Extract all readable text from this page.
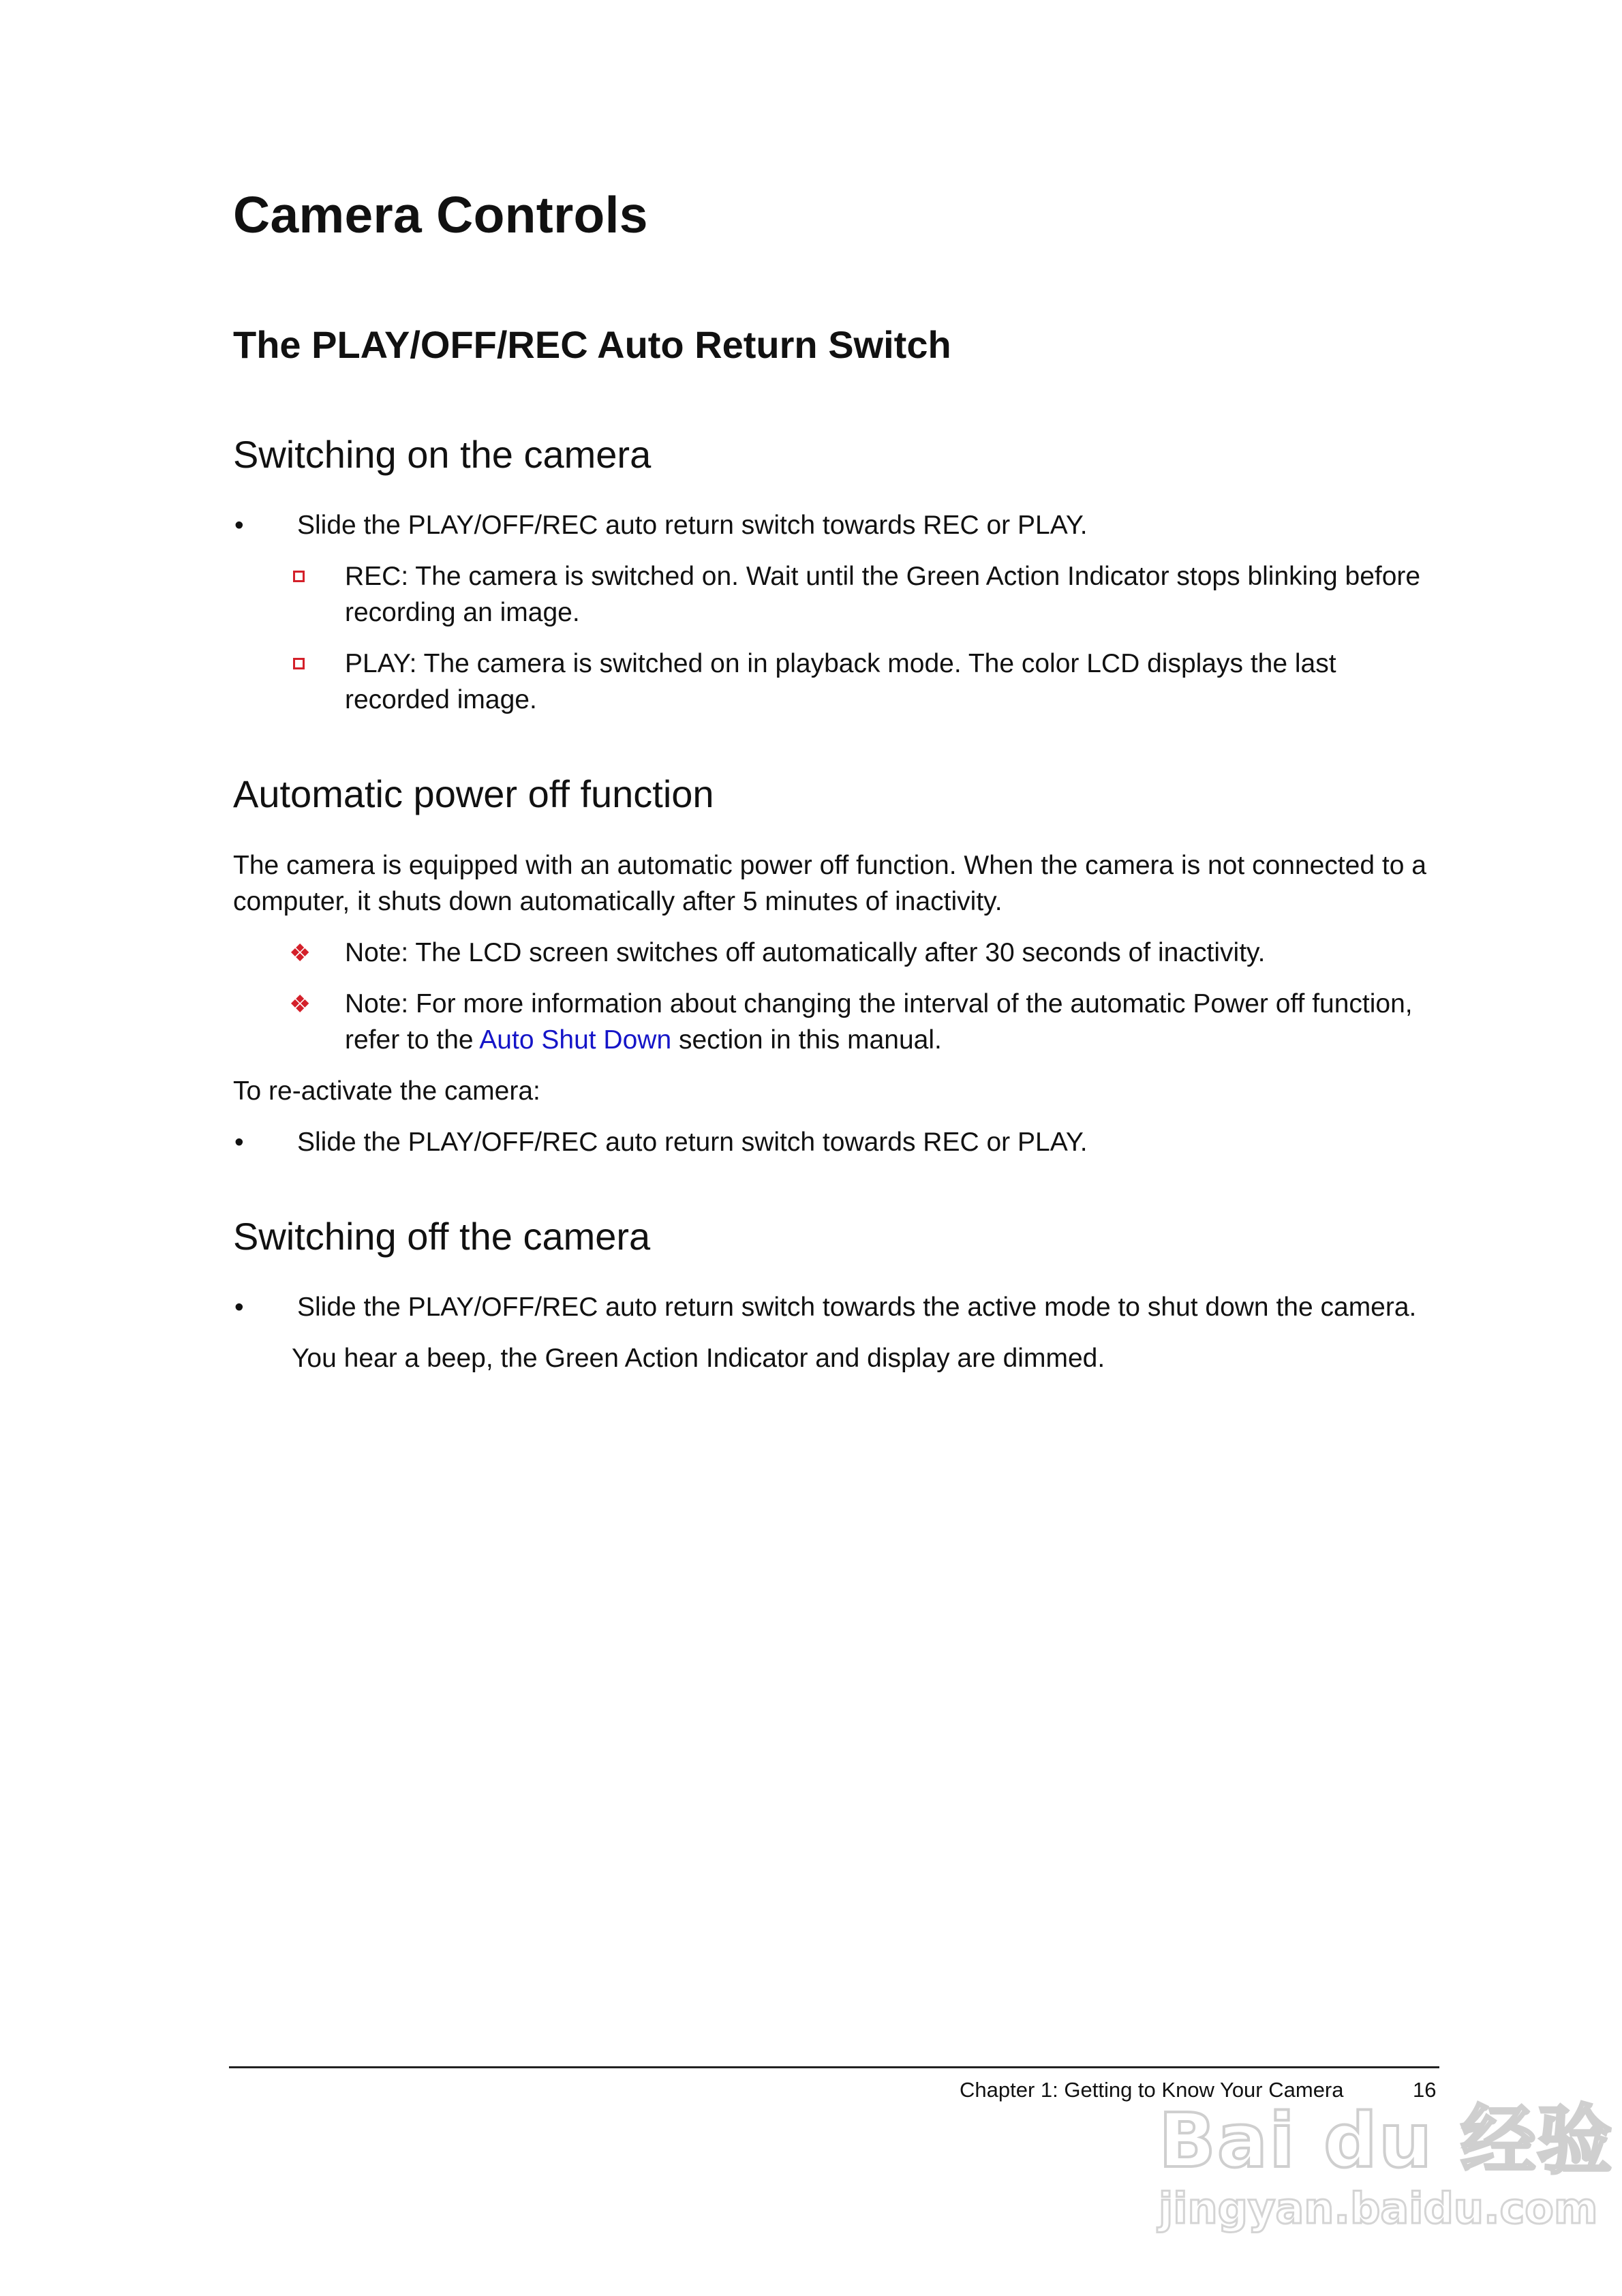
Camera Controls
The PLAY/OFF/REC Auto Return Switch
Switching on the camera
•	Slide the PLAY/OFF/REC auto return switch towards REC or PLAY.
REC: The camera is switched on. Wait until the Green Action Indicator stops blinking before recording an image.
PLAY: The camera is switched on in playback mode. The color LCD displays the last recorded image.
Automatic power off function

The camera is equipped with an automatic power off function. When the camera is not connected to a computer, it shuts down automatically after 5 minutes of inactivity.

❖ Note: The LCD screen switches off automatically after 30 seconds of inactivity.
❖ Note: For more information about changing the interval of the automatic Power off function, refer to the Auto Shut Down section in this manual.

To re-activate the camera:

•	Slide the PLAY/OFF/REC auto return switch towards REC or PLAY.
Switching off the camera
•	Slide the PLAY/OFF/REC auto return switch towards the active mode to shut down the camera.

You hear a beep, the Green Action Indicator and display are dimmed.

Chapter 1: Getting to Know Your Camera	16
Bai du 经验
jingyan.baidu.com
